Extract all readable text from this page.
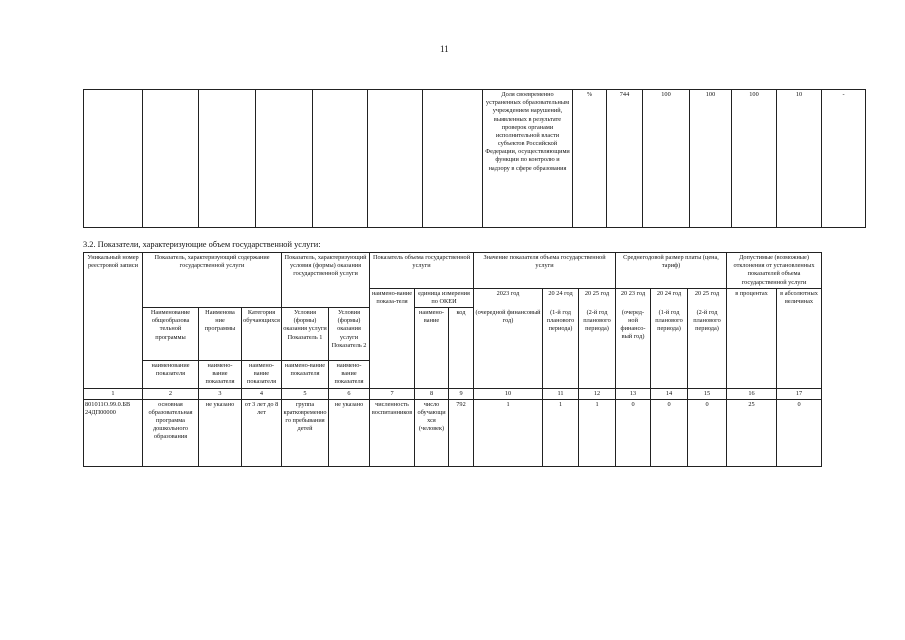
11
							Доля своевременно устраненных образовательным учреждением нарушений, выявленных в результате проверок органами исполнительной власти субъектов Российской Федерации, осуществляющими функции по контролю и надзору в сфере образования	%	744	100	100	100	10	-
3.2. Показатели, характеризующие объем государственной услуги:
Уникальный номер реестровой записи	Показатель, характеризующий содержание государственной услуги			Показатель, характеризующий условия (формы) оказания государственной услуги		Показатель объема государственной услуги			Значение показателя объема государственной услуги			Среднегодовой размер платы (цена, тариф)			Допустимые (возможные) отклонения от установленных показателей объема государственной услуги	
						наимено-вание показа-теля	единица измерения по ОКЕИ		2023 год	20 24 год	20 25 год	20 23 год	20 24 год	20 25 год	в процентах	в абсолютных величинах
	Наименование общеобразова тельной программы	Наименова ние программы	Категория обучающихся	Условия (формы) оказания услуги Показатель 1	Условия (формы) оказания услуги Показатель 2		наимено-вание	код	(очередной финансовый год)	(1-й год планового периода)	(2-й год планового периода)	(очеред-ной финансо-вый год)	(1-й год планового периода)	(2-й год планового периода)		
	наименование показателя	наимено-вание показателя	наимено-вание показателя	наимено-вание показателя	наимено-вание показателя											
1	2	3	4	5	6	7	8	9	10	11	12	13	14	15	16	17
801011О.99.0.БВ 24ДП00000	основная образовательная программа дошкольного образования	не указано	от 3 лет до 8 лет	группа кратковременного пребывания детей	не указано	численность воспитанников	число обучающихся (человек)	792	1	1	1	0	0	0	25	0
